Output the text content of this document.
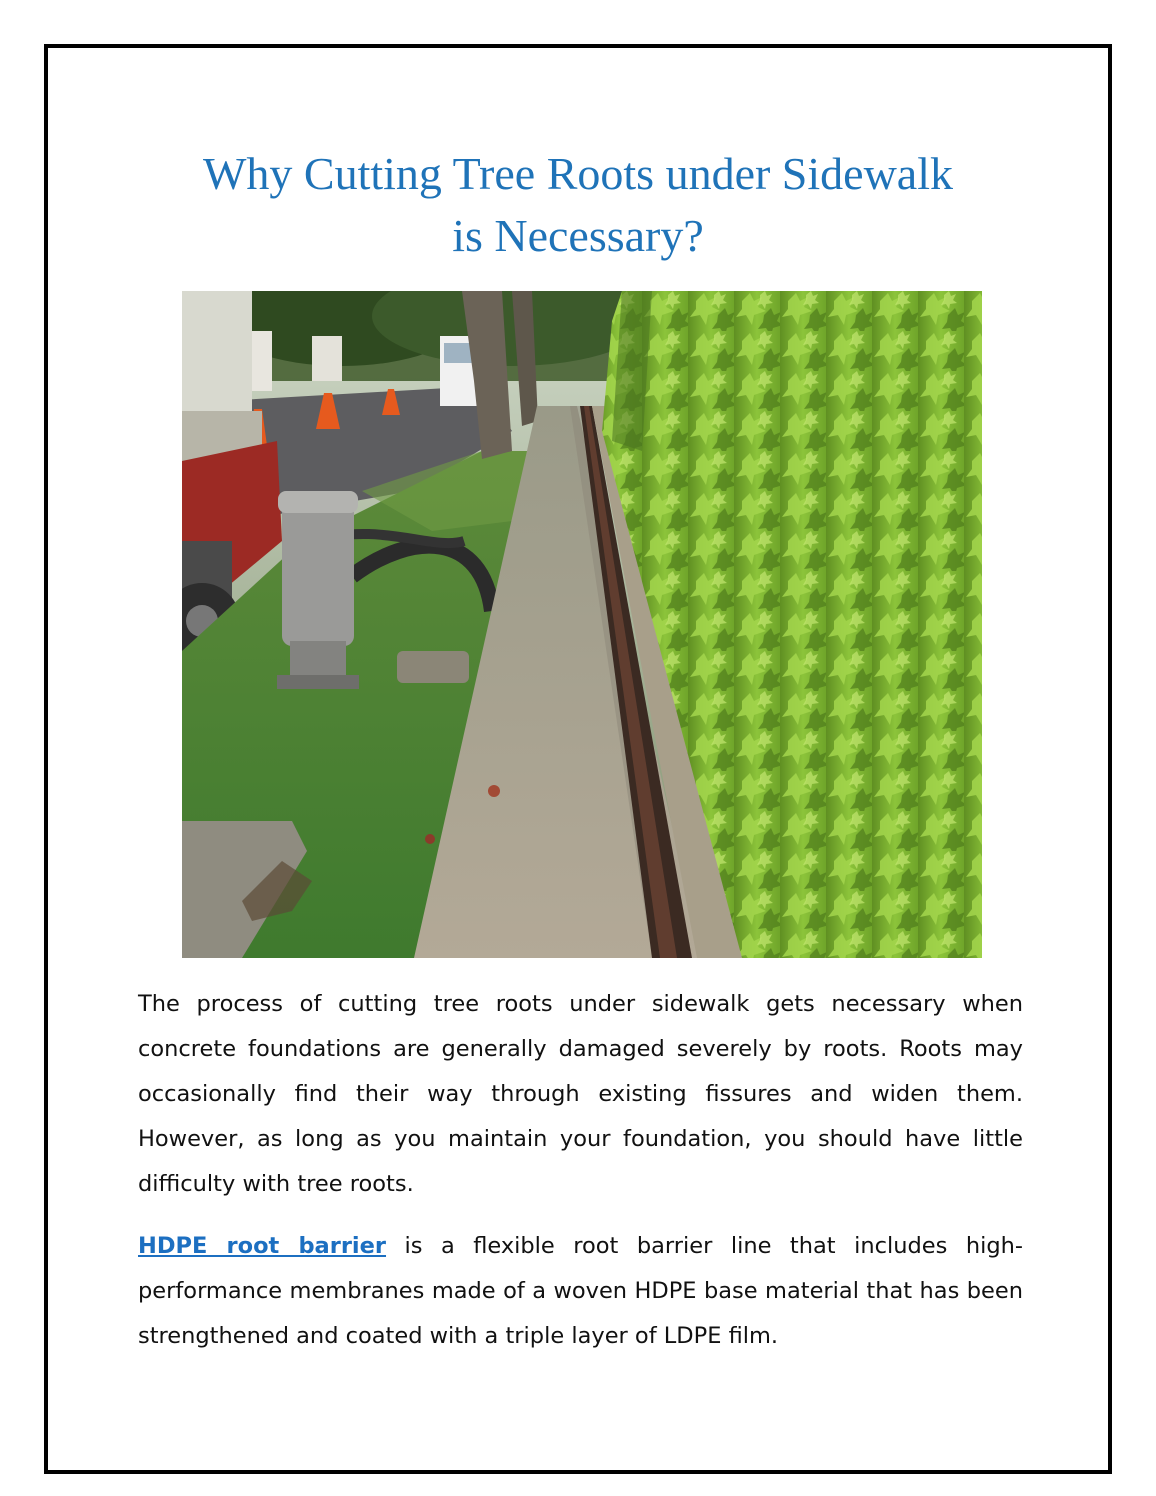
Why Cutting Tree Roots under Sidewalk
is Necessary?

The process of cutting tree roots under sidewalk gets necessary when concrete foundations are generally damaged severely by roots. Roots may occasionally find their way through existing fissures and widen them. However, as long as you maintain your foundation, you should have little difficulty with tree roots.

HDPE root barrier is a flexible root barrier line that includes high-performance membranes made of a woven HDPE base material that has been strengthened and coated with a triple layer of LDPE film.
